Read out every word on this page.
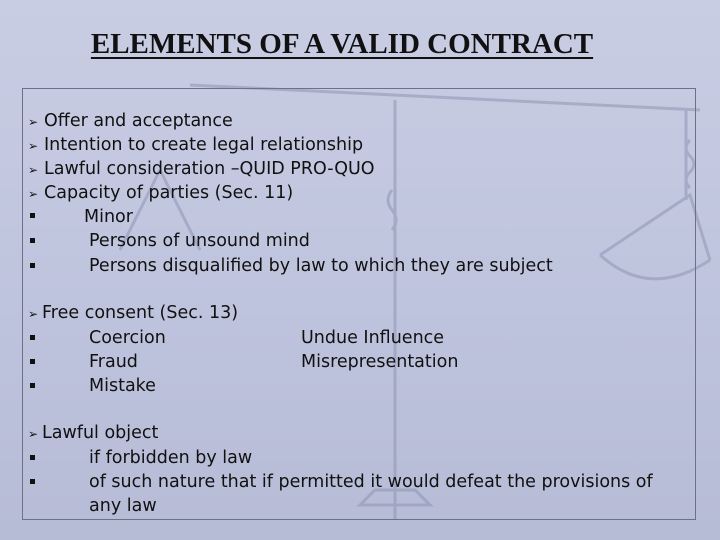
ELEMENTS OF A VALID CONTRACT
➢ Offer and acceptance
➢ Intention to create legal relationship
➢ Lawful consideration –QUID PRO-QUO
➢ Capacity of parties (Sec. 11)
Minor
Persons of unsound mind
Persons disqualified by law to which they are subject
➢ Free consent (Sec. 13)
Coercion	Undue Influence
Fraud	Misrepresentation
Mistake
➢ Lawful object
if forbidden by law
of such nature that if permitted it would defeat the provisions of
any law
